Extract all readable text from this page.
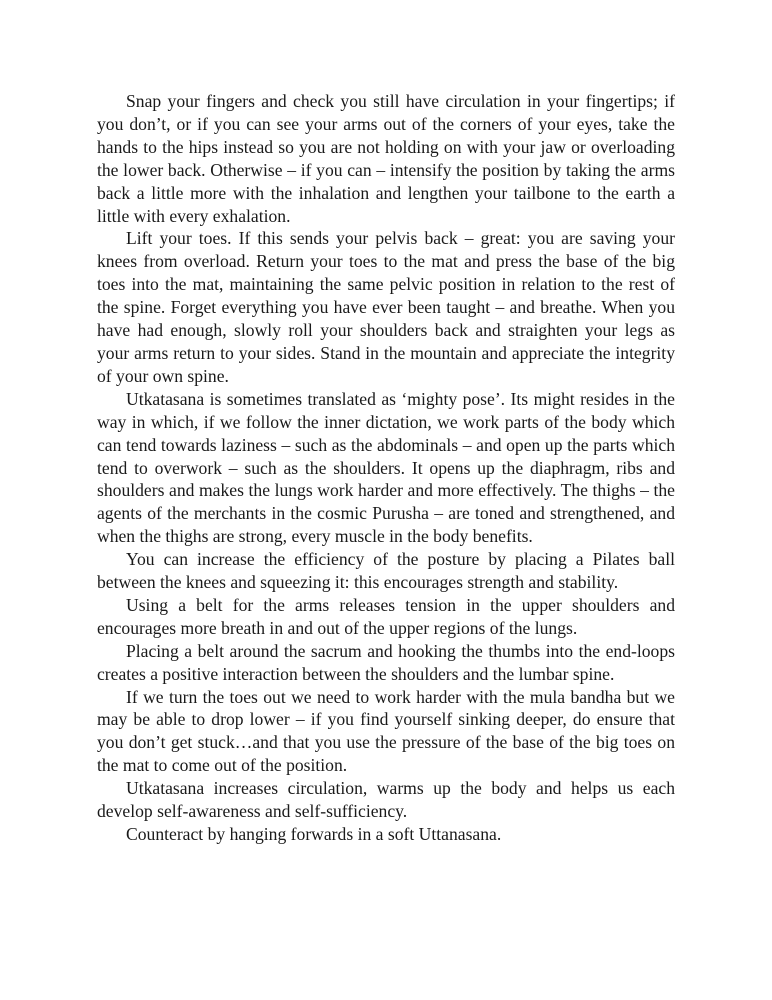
Snap your fingers and check you still have circulation in your fingertips; if you don’t, or if you can see your arms out of the corners of your eyes, take the hands to the hips instead so you are not holding on with your jaw or overloading the lower back. Otherwise – if you can – intensify the position by taking the arms back a little more with the inhalation and lengthen your tailbone to the earth a little with every exhalation.

Lift your toes. If this sends your pelvis back – great: you are saving your knees from overload. Return your toes to the mat and press the base of the big toes into the mat, maintaining the same pelvic position in relation to the rest of the spine. Forget everything you have ever been taught – and breathe. When you have had enough, slowly roll your shoulders back and straighten your legs as your arms return to your sides. Stand in the mountain and appreciate the integrity of your own spine.

Utkatasana is sometimes translated as ‘mighty pose’. Its might resides in the way in which, if we follow the inner dictation, we work parts of the body which can tend towards laziness – such as the abdominals – and open up the parts which tend to overwork – such as the shoulders. It opens up the diaphragm, ribs and shoulders and makes the lungs work harder and more effectively. The thighs – the agents of the merchants in the cosmic Purusha – are toned and strengthened, and when the thighs are strong, every muscle in the body benefits.

You can increase the efficiency of the posture by placing a Pilates ball between the knees and squeezing it: this encourages strength and stability.

Using a belt for the arms releases tension in the upper shoulders and encourages more breath in and out of the upper regions of the lungs.

Placing a belt around the sacrum and hooking the thumbs into the end-loops creates a positive interaction between the shoulders and the lumbar spine.

If we turn the toes out we need to work harder with the mula bandha but we may be able to drop lower – if you find yourself sinking deeper, do ensure that you don’t get stuck…and that you use the pressure of the base of the big toes on the mat to come out of the position.

Utkatasana increases circulation, warms up the body and helps us each develop self-awareness and self-sufficiency.

Counteract by hanging forwards in a soft Uttanasana.
